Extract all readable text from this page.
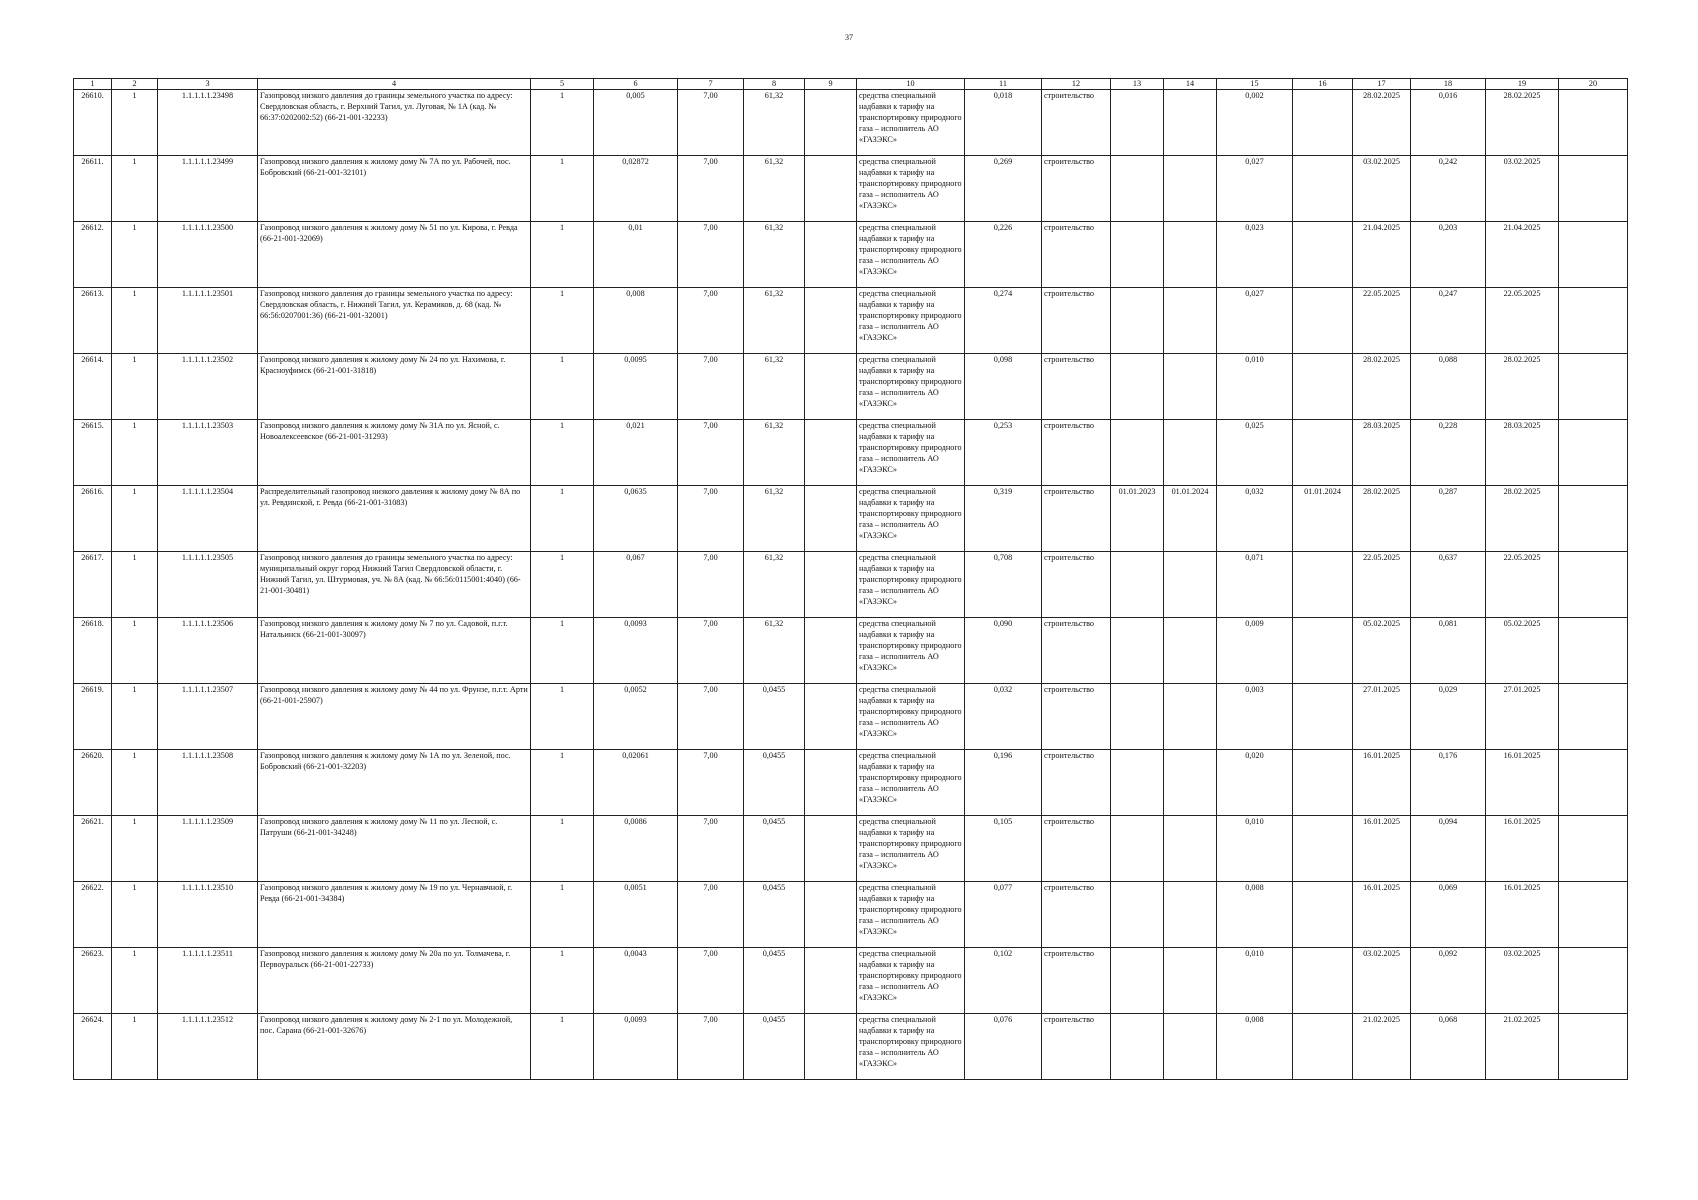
37
1	2	3	4	5	6	7	8	9	10	11	12	13	14	15	16	17	18	19	20
26610.	1	1.1.1.1.1.23498	Газопровод низкого давления до границы земельного участка по адресу: Свердловская область, г. Верхний Тагил, ул. Луговая, № 1А (кад. № 66:37:0202002:52) (66-21-001-32233)	1	0,005	7,00	61,32		средства специальной надбавки к тарифу на транспортировку природного газа – исполнитель АО «ГАЗЭКС»	0,018	строительство			0,002		28.02.2025	0,016	28.02.2025	
26611.	1	1.1.1.1.1.23499	Газопровод низкого давления к жилому дому № 7А по ул. Рабочей, пос. Бобровский (66-21-001-32101)	1	0,02872	7,00	61,32		средства специальной надбавки к тарифу на транспортировку природного газа – исполнитель АО «ГАЗЭКС»	0,269	строительство			0,027		03.02.2025	0,242	03.02.2025	
26612.	1	1.1.1.1.1.23500	Газопровод низкого давления к жилому дому № 51 по ул. Кирова, г. Ревда (66-21-001-32069)	1	0,01	7,00	61,32		средства специальной надбавки к тарифу на транспортировку природного газа – исполнитель АО «ГАЗЭКС»	0,226	строительство			0,023		21.04.2025	0,203	21.04.2025	
26613.	1	1.1.1.1.1.23501	Газопровод низкого давления до границы земельного участка по адресу: Свердловская область, г. Нижний Тагил, ул. Керамиков, д. 68 (кад. № 66:56:0207001:36) (66-21-001-32001)	1	0,008	7,00	61,32		средства специальной надбавки к тарифу на транспортировку природного газа – исполнитель АО «ГАЗЭКС»	0,274	строительство			0,027		22.05.2025	0,247	22.05.2025	
26614.	1	1.1.1.1.1.23502	Газопровод низкого давления к жилому дому № 24 по ул. Нахимова, г. Красноуфимск (66-21-001-31818)	1	0,0095	7,00	61,32		средства специальной надбавки к тарифу на транспортировку природного газа – исполнитель АО «ГАЗЭКС»	0,098	строительство			0,010		28.02.2025	0,088	28.02.2025	
26615.	1	1.1.1.1.1.23503	Газопровод низкого давления к жилому дому № 31А по ул. Ясной, с. Новоалексеевское (66-21-001-31293)	1	0,021	7,00	61,32		средства специальной надбавки к тарифу на транспортировку природного газа – исполнитель АО «ГАЗЭКС»	0,253	строительство			0,025		28.03.2025	0,228	28.03.2025	
26616.	1	1.1.1.1.1.23504	Распределительный газопровод низкого давления к жилому дому № 8А по ул. Ревдинской, г. Ревда (66-21-001-31083)	1	0,0635	7,00	61,32		средства специальной надбавки к тарифу на транспортировку природного газа – исполнитель АО «ГАЗЭКС»	0,319	строительство	01.01.2023	01.01.2024	0,032	01.01.2024	28.02.2025	0,287	28.02.2025	
26617.	1	1.1.1.1.1.23505	Газопровод низкого давления до границы земельного участка по адресу: муниципальный округ город Нижний Тагил Свердловской области, г. Нижний Тагил, ул. Штурмовая, уч. № 8А (кад. № 66:56:0115001:4040) (66-21-001-30481)	1	0,067	7,00	61,32		средства специальной надбавки к тарифу на транспортировку природного газа – исполнитель АО «ГАЗЭКС»	0,708	строительство			0,071		22.05.2025	0,637	22.05.2025	
26618.	1	1.1.1.1.1.23506	Газопровод низкого давления к жилому дому № 7 по ул. Садовой, п.г.т. Натальинск (66-21-001-30097)	1	0,0093	7,00	61,32		средства специальной надбавки к тарифу на транспортировку природного газа – исполнитель АО «ГАЗЭКС»	0,090	строительство			0,009		05.02.2025	0,081	05.02.2025	
26619.	1	1.1.1.1.1.23507	Газопровод низкого давления к жилому дому № 44 по ул. Фрунзе, п.г.т. Арти (66-21-001-25907)	1	0,0052	7,00	0,0455		средства специальной надбавки к тарифу на транспортировку природного газа – исполнитель АО «ГАЗЭКС»	0,032	строительство			0,003		27.01.2025	0,029	27.01.2025	
26620.	1	1.1.1.1.1.23508	Газопровод низкого давления к жилому дому № 1А по ул. Зеленой, пос. Бобровский (66-21-001-32203)	1	0,02061	7,00	0,0455		средства специальной надбавки к тарифу на транспортировку природного газа – исполнитель АО «ГАЗЭКС»	0,196	строительство			0,020		16.01.2025	0,176	16.01.2025	
26621.	1	1.1.1.1.1.23509	Газопровод низкого давления к жилому дому № 11 по ул. Лесной, с. Патруши (66-21-001-34248)	1	0,0086	7,00	0,0455		средства специальной надбавки к тарифу на транспортировку природного газа – исполнитель АО «ГАЗЭКС»	0,105	строительство			0,010		16.01.2025	0,094	16.01.2025	
26622.	1	1.1.1.1.1.23510	Газопровод низкого давления к жилому дому № 19 по ул. Чернавчной, г. Ревда (66-21-001-34384)	1	0,0051	7,00	0,0455		средства специальной надбавки к тарифу на транспортировку природного газа – исполнитель АО «ГАЗЭКС»	0,077	строительство			0,008		16.01.2025	0,069	16.01.2025	
26623.	1	1.1.1.1.1.23511	Газопровод низкого давления к жилому дому № 20а по ул. Толмачева, г. Первоуральск (66-21-001-22733)	1	0,0043	7,00	0,0455		средства специальной надбавки к тарифу на транспортировку природного газа – исполнитель АО «ГАЗЭКС»	0,102	строительство			0,010		03.02.2025	0,092	03.02.2025	
26624.	1	1.1.1.1.1.23512	Газопровод низкого давления к жилому дому № 2-1 по ул. Молодежной, пос. Сарана (66-21-001-32676)	1	0,0093	7,00	0,0455		средства специальной надбавки к тарифу на транспортировку природного газа – исполнитель АО «ГАЗЭКС»	0,076	строительство			0,008		21.02.2025	0,068	21.02.2025	
